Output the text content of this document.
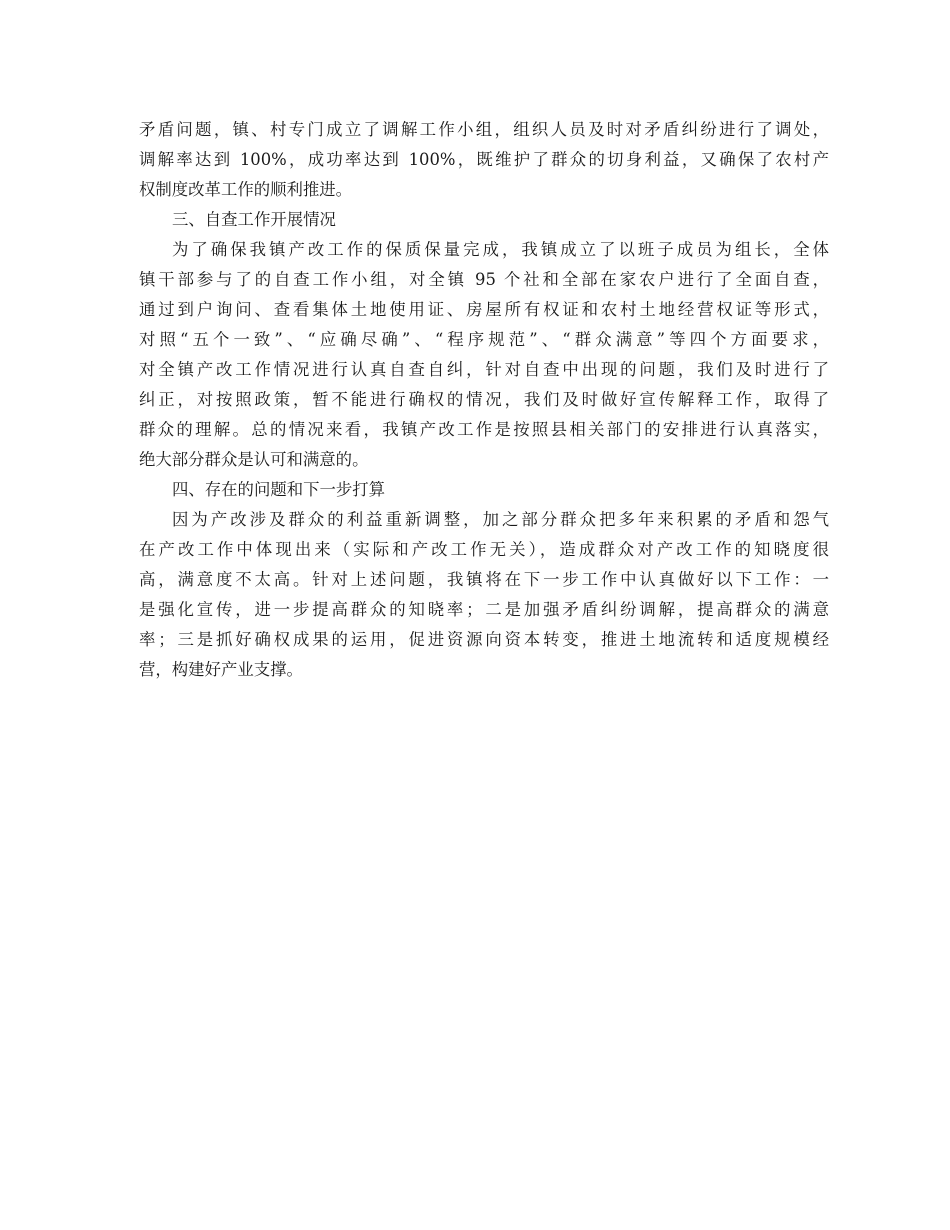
矛盾问题，镇、村专门成立了调解工作小组，组织人员及时对矛盾纠纷进行了调处，
调解率达到 100%，成功率达到 100%，既维护了群众的切身利益，又确保了农村产
权制度改革工作的顺利推进。
三、自查工作开展情况
为了确保我镇产改工作的保质保量完成，我镇成立了以班子成员为组长，全体
镇干部参与了的自查工作小组，对全镇 95 个社和全部在家农户进行了全面自查，
通过到户询问、查看集体土地使用证、房屋所有权证和农村土地经营权证等形式，
对照“五个一致”、“应确尽确”、“程序规范”、“群众满意”等四个方面要求，
对全镇产改工作情况进行认真自查自纠，针对自查中出现的问题，我们及时进行了
纠正，对按照政策，暂不能进行确权的情况，我们及时做好宣传解释工作，取得了
群众的理解。总的情况来看，我镇产改工作是按照县相关部门的安排进行认真落实，
绝大部分群众是认可和满意的。
四、存在的问题和下一步打算
因为产改涉及群众的利益重新调整，加之部分群众把多年来积累的矛盾和怨气
在产改工作中体现出来（实际和产改工作无关），造成群众对产改工作的知晓度很
高，满意度不太高。针对上述问题，我镇将在下一步工作中认真做好以下工作：一
是强化宣传，进一步提高群众的知晓率；二是加强矛盾纠纷调解，提高群众的满意
率；三是抓好确权成果的运用，促进资源向资本转变，推进土地流转和适度规模经
营，构建好产业支撑。
